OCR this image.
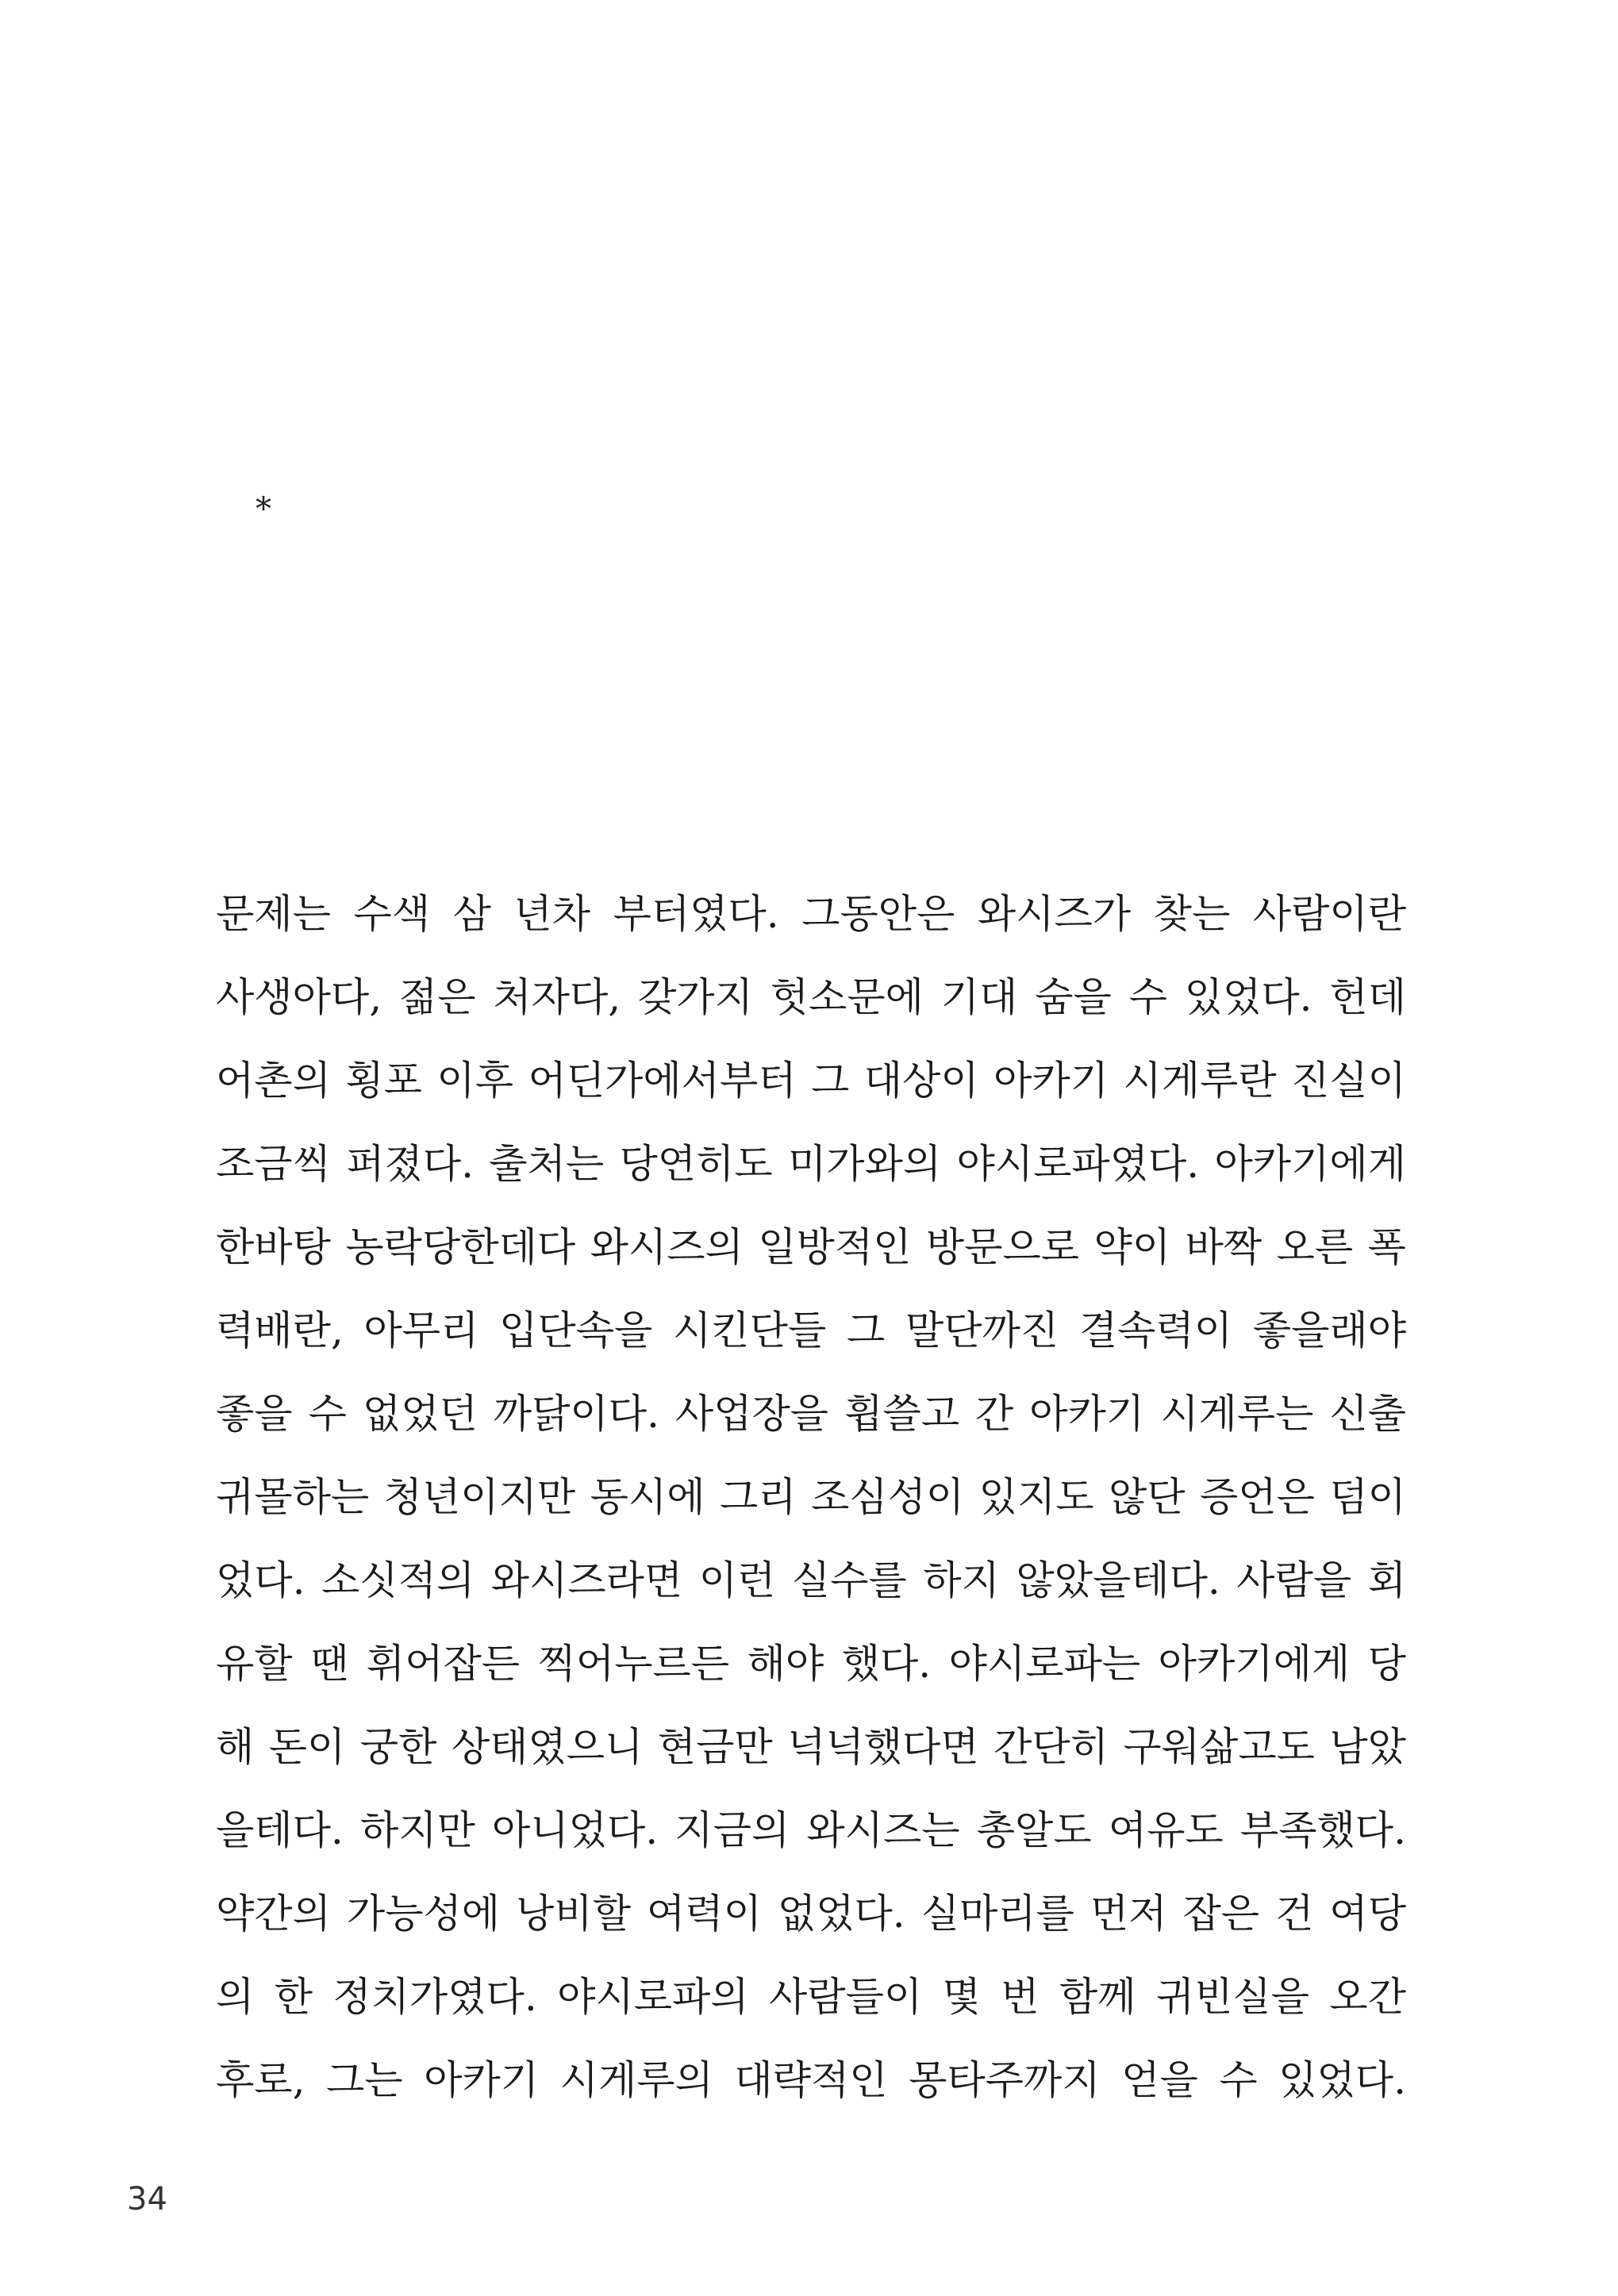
*
문제는 수색 삼 년차 부터였다. 그동안은 와시즈가 찾는 사람이란
사생아다, 젊은 처자다, 갖가지 헛소문에 기대 숨을 수 있었다. 헌데
어촌의 횡포 이후 어딘가에서부터 그 대상이 아카기 시게루란 진실이
조금씩 퍼졌다. 출처는 당연히도 미가와의 야시로파였다. 아카기에게
한바탕 농락당한데다 와시즈의 일방적인 방문으로 약이 바짝 오른 폭
력배란, 아무리 입단속을 시킨단들 그 말단까진 결속력이 좋을래야
좋을 수 없었던 까닭이다. 사업장을 휩쓸고 간 아카기 시게루는 신출
귀몰하는 청년이지만 동시에 그리 조심성이 있지도 않단 증언은 덤이
었다. 소싯적의 와시즈라면 이런 실수를 하지 않았을테다. 사람을 회
유할 땐 휘어잡든 찍어누르든 해야 했다. 야시로파는 아카기에게 당
해 돈이 궁한 상태였으니 현금만 넉넉했다면 간단히 구워삶고도 남았
을테다. 하지만 아니었다. 지금의 와시즈는 총알도 여유도 부족했다.
약간의 가능성에 낭비할 여력이 없었다. 실마리를 먼저 잡은 건 여당
의 한 정치가였다. 야시로파의 사람들이 몇 번 함께 귀빈실을 오간
후로, 그는 아카기 시게루의 대략적인 몽타주까지 얻을 수 있었다.
34
